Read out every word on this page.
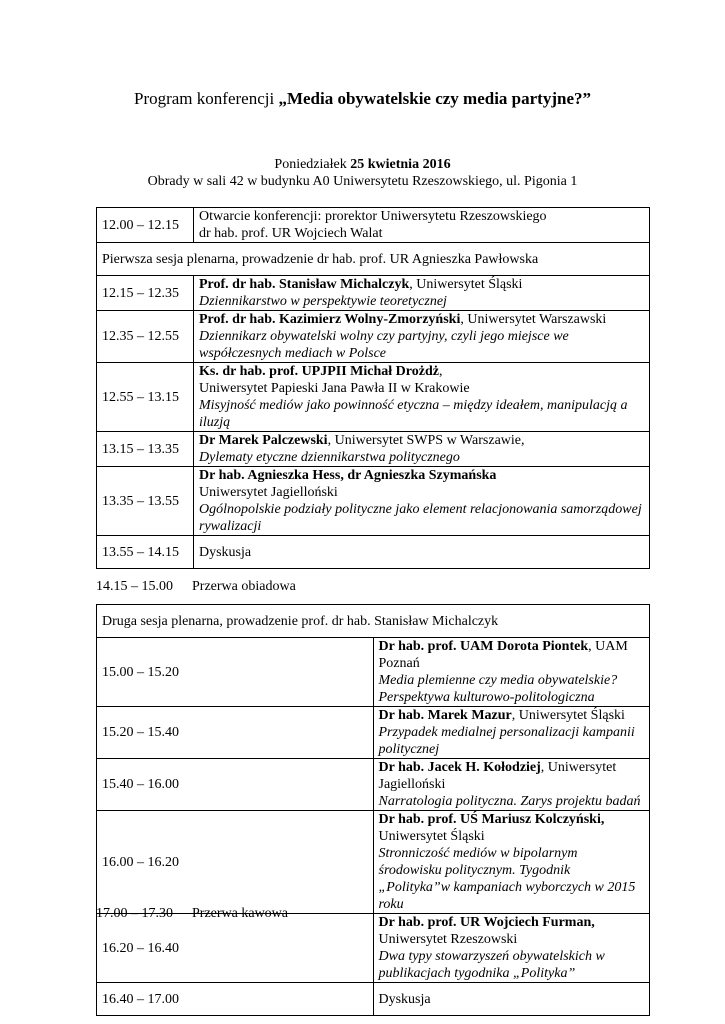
Program konferencji „Media obywatelskie czy media partyjne?”
Poniedziałek 25 kwietnia 2016
Obrady w sali 42 w budynku A0 Uniwersytetu Rzeszowskiego, ul. Pigonia 1
12.00 – 12.15	Otwarcie konferencji: prorektor Uniwersytetu Rzeszowskiego
dr hab. prof. UR Wojciech Walat

Pierwsza sesja plenarna, prowadzenie dr hab. prof. UR Agnieszka Pawłowska	
12.15 – 12.35	Prof. dr hab. Stanisław Michalczyk, Uniwersytet Śląski
Dziennikarstwo w perspektywie teoretycznej

12.35 – 12.55	Prof. dr hab. Kazimierz Wolny-Zmorzyński, Uniwersytet Warszawski
Dziennikarz obywatelski wolny czy partyjny, czyli jego miejsce we współczesnych mediach w Polsce

12.55 – 13.15	Ks. dr hab. prof. UPJPII Michał Drożdż,
Uniwersytet Papieski Jana Pawła II w Krakowie
Misyjność mediów jako powinność etyczna – między ideałem, manipulacją a iluzją

13.15 – 13.35	Dr Marek Palczewski, Uniwersytet SWPS w Warszawie,
Dylematy etyczne dziennikarstwa politycznego

13.35 – 13.55	Dr hab. Agnieszka Hess, dr Agnieszka Szymańska
Uniwersytet Jagielloński
Ogólnopolskie podziały polityczne jako element relacjonowania samorządowej rywalizacji

13.55 – 14.15	Dyskusja
14.15 – 15.00 Przerwa obiadowa
Druga sesja plenarna, prowadzenie prof. dr hab. Stanisław Michalczyk	
15.00 – 15.20	Dr hab. prof. UAM Dorota Piontek, UAM Poznań
Media plemienne czy media obywatelskie? Perspektywa kulturowo-politologiczna

15.20 – 15.40	Dr hab. Marek Mazur, Uniwersytet Śląski
Przypadek medialnej personalizacji kampanii politycznej

15.40 – 16.00	Dr hab. Jacek H. Kołodziej, Uniwersytet Jagielloński
Narratologia polityczna. Zarys projektu badań

16.00 – 16.20	Dr hab. prof. UŚ Mariusz Kolczyński, Uniwersytet Śląski
Stronniczość mediów w bipolarnym środowisku politycznym. Tygodnik „Polityka”w kampaniach wyborczych w 2015 roku

16.20 – 16.40	Dr hab. prof. UR Wojciech Furman, Uniwersytet Rzeszowski
Dwa typy stowarzyszeń obywatelskich w publikacjach tygodnika „Polityka”

16.40 – 17.00	Dyskusja
17.00 – 17.30 Przerwa kawowa
